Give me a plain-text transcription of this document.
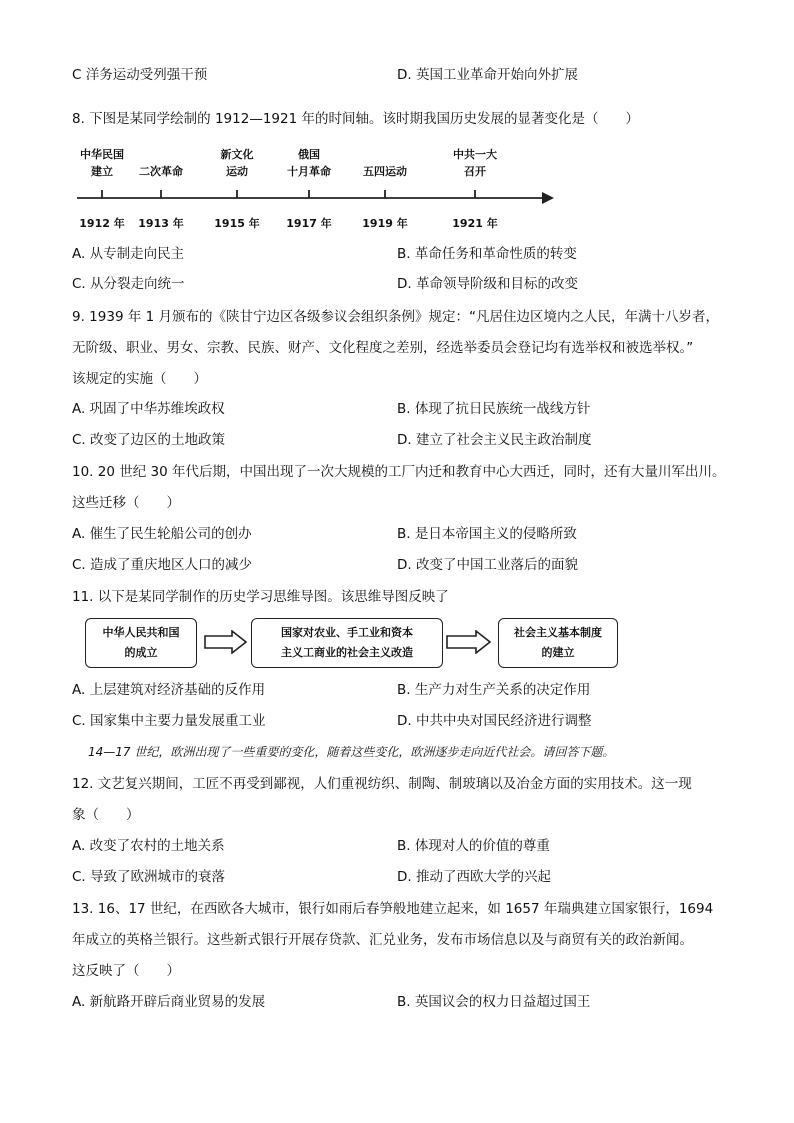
C 洋务运动受列强干预	D. 英国工业革命开始向外扩展
8. 下图是某同学绘制的 1912—1921 年的时间轴。该时期我国历史发展的显著变化是（　　）
中华民国
建立	二次革命
新文化
运动
俄国
十月革命	五四运动
中共一大
召开
1912 年 1913 年	1915 年 1917 年	1919 年	1921 年
A. 从专制走向民主	B. 革命任务和革命性质的转变
C. 从分裂走向统一	D. 革命领导阶级和目标的改变
9. 1939 年 1 月颁布的《陕甘宁边区各级参议会组织条例》规定：“凡居住边区境内之人民，年满十八岁者，
无阶级、职业、男女、宗教、民族、财产、文化程度之差别，经选举委员会登记均有选举权和被选举权。”
该规定的实施（　　）
A. 巩固了中华苏维埃政权	B. 体现了抗日民族统一战线方针
C. 改变了边区的土地政策	D. 建立了社会主义民主政治制度
10. 20 世纪 30 年代后期，中国出现了一次大规模的工厂内迁和教育中心大西迁，同时，还有大量川军出川。
这些迁移（　　）
A. 催生了民生轮船公司的创办	B. 是日本帝国主义的侵略所致
C. 造成了重庆地区人口的减少	D. 改变了中国工业落后的面貌
11. 以下是某同学制作的历史学习思维导图。该思维导图反映了
中华人民共和国
的成立
国家对农业、手工业和资本
主义工商业的社会主义改造
社会主义基本制度
的建立
A. 上层建筑对经济基础的反作用	B. 生产力对生产关系的决定作用
C. 国家集中主要力量发展重工业	D. 中共中央对国民经济进行调整
14—17 世纪，欧洲出现了一些重要的变化，随着这些变化，欧洲逐步走向近代社会。请回答下题。
12. 文艺复兴期间，工匠不再受到鄙视，人们重视纺织、制陶、制玻璃以及冶金方面的实用技术。这一现
象（　　）
A. 改变了农村的土地关系	B. 体现对人的价值的尊重
C. 导致了欧洲城市的衰落	D. 推动了西欧大学的兴起
13. 16、17 世纪，在西欧各大城市，银行如雨后春笋般地建立起来，如 1657 年瑞典建立国家银行，1694
年成立的英格兰银行。这些新式银行开展存贷款、汇兑业务，发布市场信息以及与商贸有关的政治新闻。
这反映了（　　）
A. 新航路开辟后商业贸易的发展	B. 英国议会的权力日益超过国王
